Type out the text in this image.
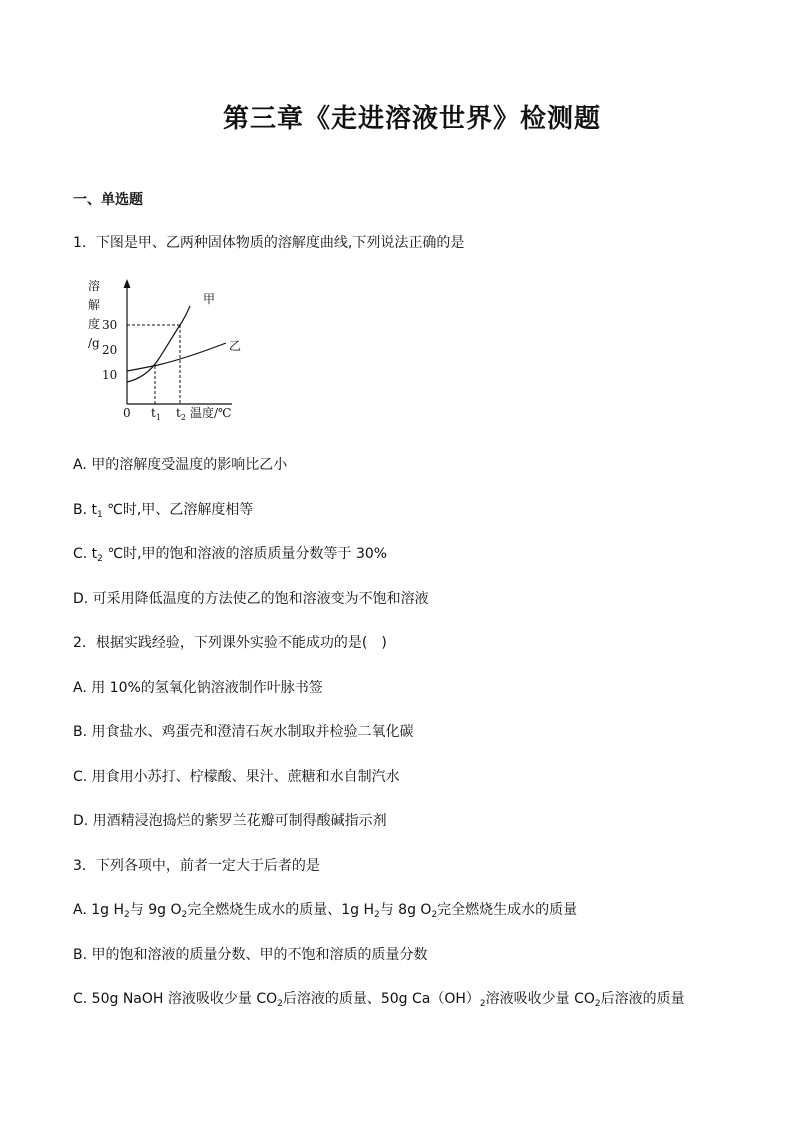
第三章《走进溶液世界》检测题
一、单选题
1．下图是甲、乙两种固体物质的溶解度曲线,下列说法正确的是
溶
解
度
/g
10
20
30
0 $t_1$ $t_2$ 温度/℃
甲
乙
A. 甲的溶解度受温度的影响比乙小
B. $t_1$ ℃时,甲、乙溶解度相等
C. $t_2$ ℃时,甲的饱和溶液的溶质质量分数等于 30%
D. 可采用降低温度的方法使乙的饱和溶液变为不饱和溶液
2．根据实践经验，下列课外实验不能成功的是(　)
A. 用 10%的氢氧化钠溶液制作叶脉书签
B. 用食盐水、鸡蛋壳和澄清石灰水制取并检验二氧化碳
C. 用食用小苏打、柠檬酸、果汁、蔗糖和水自制汽水
D. 用酒精浸泡捣烂的紫罗兰花瓣可制得酸碱指示剂
3．下列各项中，前者一定大于后者的是
A. 1g $H_2$与 9g $O_2$完全燃烧生成水的质量、1g $H_2$与 8g $O_2$完全燃烧生成水的质量
B. 甲的饱和溶液的质量分数、甲的不饱和溶质的质量分数
C. 50g NaOH 溶液吸收少量 $CO_2$后溶液的质量、50g $Ca(OH)_2$溶液吸收少量 $CO_2$后溶液的质量
